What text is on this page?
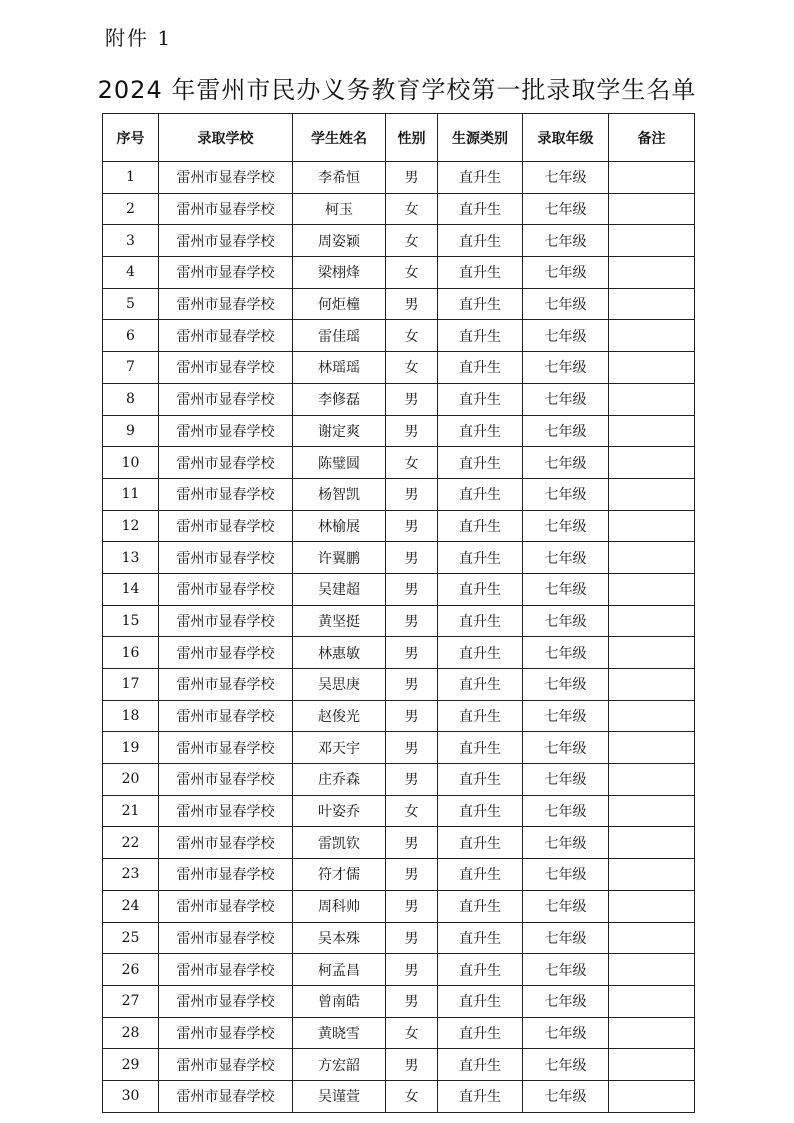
附件 1
2024 年雷州市民办义务教育学校第一批录取学生名单
序号	录取学校	学生姓名	性别	生源类别	录取年级	备注
1	雷州市显春学校	李希恒	男	直升生	七年级	
2	雷州市显春学校	柯玉	女	直升生	七年级	
3	雷州市显春学校	周姿颖	女	直升生	七年级	
4	雷州市显春学校	梁栩烽	女	直升生	七年级	
5	雷州市显春学校	何炬橦	男	直升生	七年级	
6	雷州市显春学校	雷佳瑶	女	直升生	七年级	
7	雷州市显春学校	林瑶瑶	女	直升生	七年级	
8	雷州市显春学校	李修磊	男	直升生	七年级	
9	雷州市显春学校	谢定爽	男	直升生	七年级	
10	雷州市显春学校	陈璧圆	女	直升生	七年级	
11	雷州市显春学校	杨智凯	男	直升生	七年级	
12	雷州市显春学校	林榆展	男	直升生	七年级	
13	雷州市显春学校	许翼鹏	男	直升生	七年级	
14	雷州市显春学校	吴建超	男	直升生	七年级	
15	雷州市显春学校	黄坚挺	男	直升生	七年级	
16	雷州市显春学校	林惠敏	男	直升生	七年级	
17	雷州市显春学校	吴思庚	男	直升生	七年级	
18	雷州市显春学校	赵俊光	男	直升生	七年级	
19	雷州市显春学校	邓天宇	男	直升生	七年级	
20	雷州市显春学校	庄乔森	男	直升生	七年级	
21	雷州市显春学校	叶姿乔	女	直升生	七年级	
22	雷州市显春学校	雷凯钦	男	直升生	七年级	
23	雷州市显春学校	符才儒	男	直升生	七年级	
24	雷州市显春学校	周科帅	男	直升生	七年级	
25	雷州市显春学校	吴本殊	男	直升生	七年级	
26	雷州市显春学校	柯孟昌	男	直升生	七年级	
27	雷州市显春学校	曾南皓	男	直升生	七年级	
28	雷州市显春学校	黄晓雪	女	直升生	七年级	
29	雷州市显春学校	方宏韶	男	直升生	七年级	
30	雷州市显春学校	吴谨萱	女	直升生	七年级	
